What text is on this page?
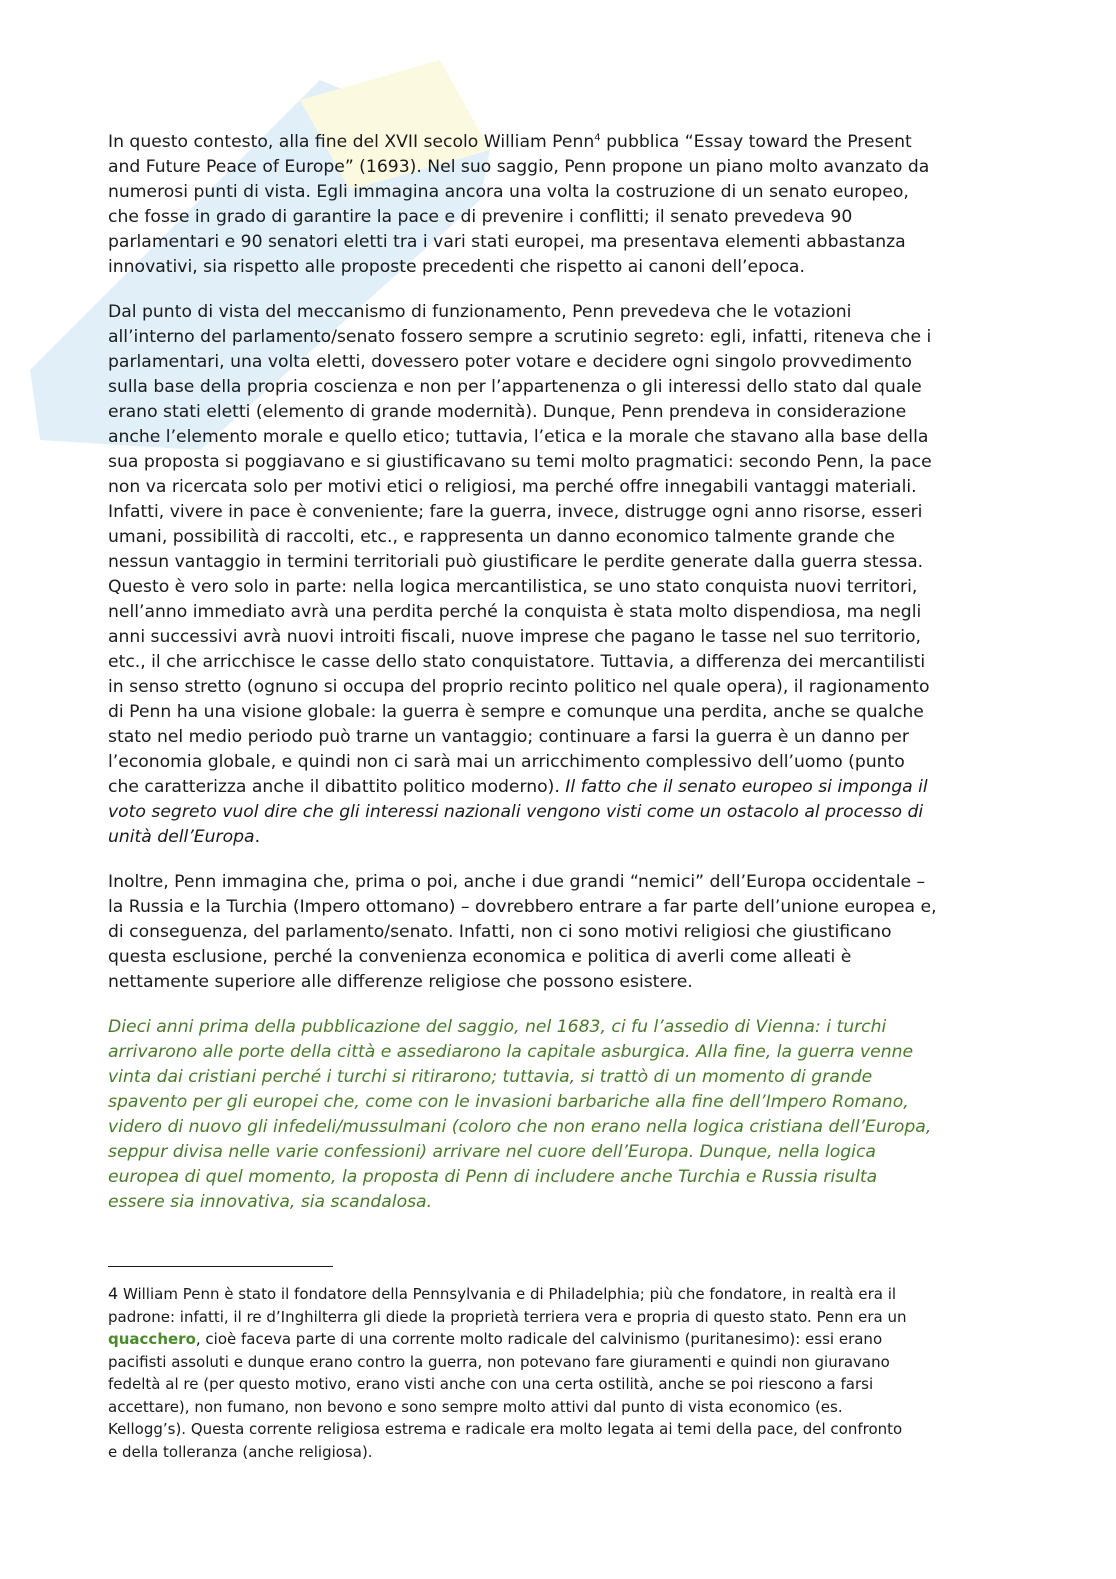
In questo contesto, alla fine del XVII secolo William Penn$^4$ pubblica “Essay toward the Present
and Future Peace of Europe” (1693). Nel suo saggio, Penn propone un piano molto avanzato da
numerosi punti di vista. Egli immagina ancora una volta la costruzione di un senato europeo,
che fosse in grado di garantire la pace e di prevenire i conflitti; il senato prevedeva 90
parlamentari e 90 senatori eletti tra i vari stati europei, ma presentava elementi abbastanza
innovativi, sia rispetto alle proposte precedenti che rispetto ai canoni dell’epoca.

Dal punto di vista del meccanismo di funzionamento, Penn prevedeva che le votazioni
all’interno del parlamento/senato fossero sempre a scrutinio segreto: egli, infatti, riteneva che i
parlamentari, una volta eletti, dovessero poter votare e decidere ogni singolo provvedimento
sulla base della propria coscienza e non per l’appartenenza o gli interessi dello stato dal quale
erano stati eletti (elemento di grande modernità). Dunque, Penn prendeva in considerazione
anche l’elemento morale e quello etico; tuttavia, l’etica e la morale che stavano alla base della
sua proposta si poggiavano e si giustificavano su temi molto pragmatici: secondo Penn, la pace
non va ricercata solo per motivi etici o religiosi, ma perché offre innegabili vantaggi materiali.
Infatti, vivere in pace è conveniente; fare la guerra, invece, distrugge ogni anno risorse, esseri
umani, possibilità di raccolti, etc., e rappresenta un danno economico talmente grande che
nessun vantaggio in termini territoriali può giustificare le perdite generate dalla guerra stessa.
Questo è vero solo in parte: nella logica mercantilistica, se uno stato conquista nuovi territori,
nell’anno immediato avrà una perdita perché la conquista è stata molto dispendiosa, ma negli
anni successivi avrà nuovi introiti fiscali, nuove imprese che pagano le tasse nel suo territorio,
etc., il che arricchisce le casse dello stato conquistatore. Tuttavia, a differenza dei mercantilisti
in senso stretto (ognuno si occupa del proprio recinto politico nel quale opera), il ragionamento
di Penn ha una visione globale: la guerra è sempre e comunque una perdita, anche se qualche
stato nel medio periodo può trarne un vantaggio; continuare a farsi la guerra è un danno per
l’economia globale, e quindi non ci sarà mai un arricchimento complessivo dell’uomo (punto
che caratterizza anche il dibattito politico moderno). Il fatto che il senato europeo si imponga il
voto segreto vuol dire che gli interessi nazionali vengono visti come un ostacolo al processo di
unità dell’Europa.

Inoltre, Penn immagina che, prima o poi, anche i due grandi “nemici” dell’Europa occidentale –
la Russia e la Turchia (Impero ottomano) – dovrebbero entrare a far parte dell’unione europea e,
di conseguenza, del parlamento/senato. Infatti, non ci sono motivi religiosi che giustificano
questa esclusione, perché la convenienza economica e politica di averli come alleati è
nettamente superiore alle differenze religiose che possono esistere.

Dieci anni prima della pubblicazione del saggio, nel 1683, ci fu l’assedio di Vienna: i turchi
arrivarono alle porte della città e assediarono la capitale asburgica. Alla fine, la guerra venne
vinta dai cristiani perché i turchi si ritirarono; tuttavia, si trattò di un momento di grande
spavento per gli europei che, come con le invasioni barbariche alla fine dell’Impero Romano,
videro di nuovo gli infedeli/mussulmani (coloro che non erano nella logica cristiana dell’Europa,
seppur divisa nelle varie confessioni) arrivare nel cuore dell’Europa. Dunque, nella logica
europea di quel momento, la proposta di Penn di includere anche Turchia e Russia risulta
essere sia innovativa, sia scandalosa.

4 William Penn è stato il fondatore della Pennsylvania e di Philadelphia; più che fondatore, in realtà era il
padrone: infatti, il re d’Inghilterra gli diede la proprietà terriera vera e propria di questo stato. Penn era un
quacchero, cioè faceva parte di una corrente molto radicale del calvinismo (puritanesimo): essi erano
pacifisti assoluti e dunque erano contro la guerra, non potevano fare giuramenti e quindi non giuravano
fedeltà al re (per questo motivo, erano visti anche con una certa ostilità, anche se poi riescono a farsi
accettare), non fumano, non bevono e sono sempre molto attivi dal punto di vista economico (es.
Kellogg’s). Questa corrente religiosa estrema e radicale era molto legata ai temi della pace, del confronto
e della tolleranza (anche religiosa).
